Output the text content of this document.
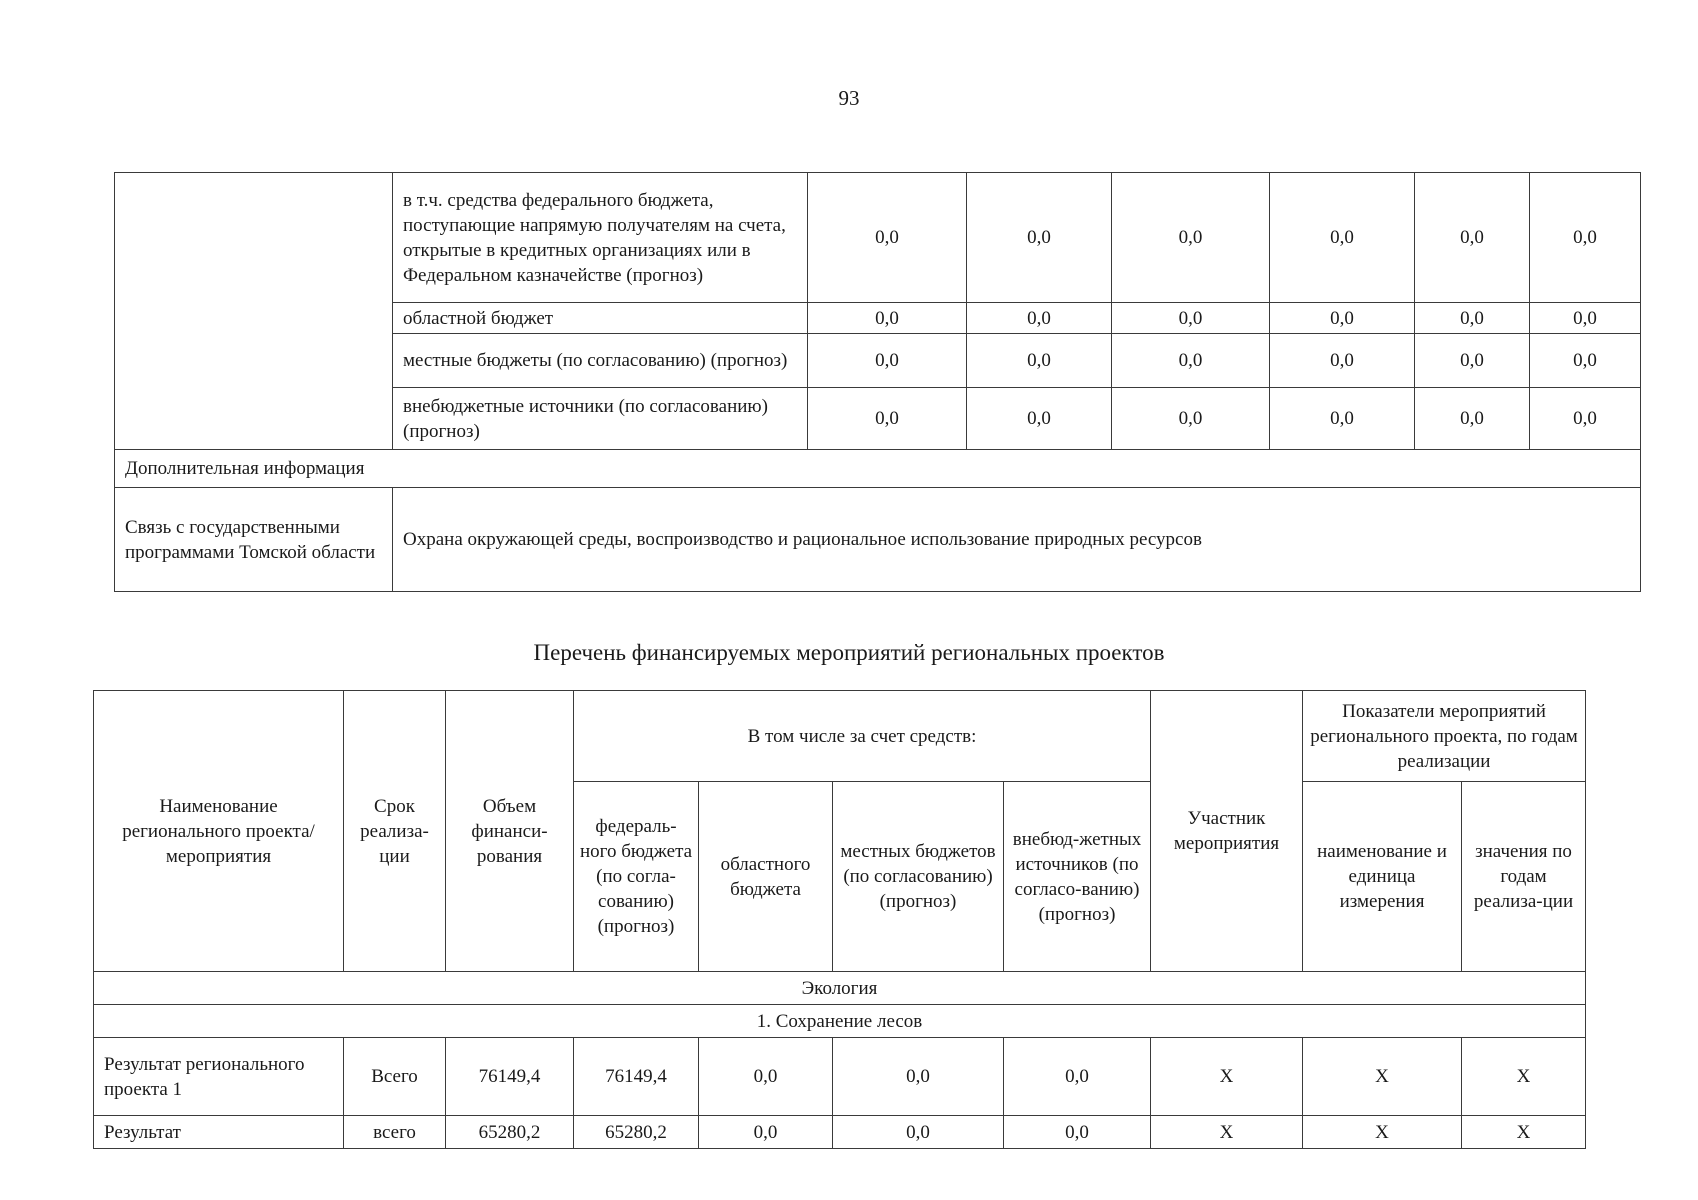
93
	в т.ч. средства федерального бюджета, поступающие напрямую получателям на счета, открытые в кредитных организациях или в Федеральном казначействе (прогноз)	0,0	0,0	0,0	0,0	0,0	0,0
	областной бюджет	0,0	0,0	0,0	0,0	0,0	0,0
	местные бюджеты (по согласованию) (прогноз)	0,0	0,0	0,0	0,0	0,0	0,0
	внебюджетные источники (по согласованию) (прогноз)	0,0	0,0	0,0	0,0	0,0	0,0
Дополнительная информация							
Связь с государственными программами Томской области	Охрана окружающей среды, воспроизводство и рациональное использование природных ресурсов						
Перечень финансируемых мероприятий региональных проектов
Наименование регионального проекта/ мероприятия	Срок реализа-ции	Объем финанси-рования	В том числе за счет средств:				Участник мероприятия	Показатели мероприятий регионального проекта, по годам реализации	
			федераль-ного бюджета (по согла-сованию) (прогноз)	областного бюджета	местных бюджетов (по согласованию) (прогноз)	внебюд-жетных источников (по согласо-ванию) (прогноз)		наименование и единица измерения	значения по годам реализа-ции
Экология									
1. Сохранение лесов									
Результат регионального проекта 1	Всего	76149,4	76149,4	0,0	0,0	0,0	Х	Х	Х
Результат	всего	65280,2	65280,2	0,0	0,0	0,0	Х	Х	Х
